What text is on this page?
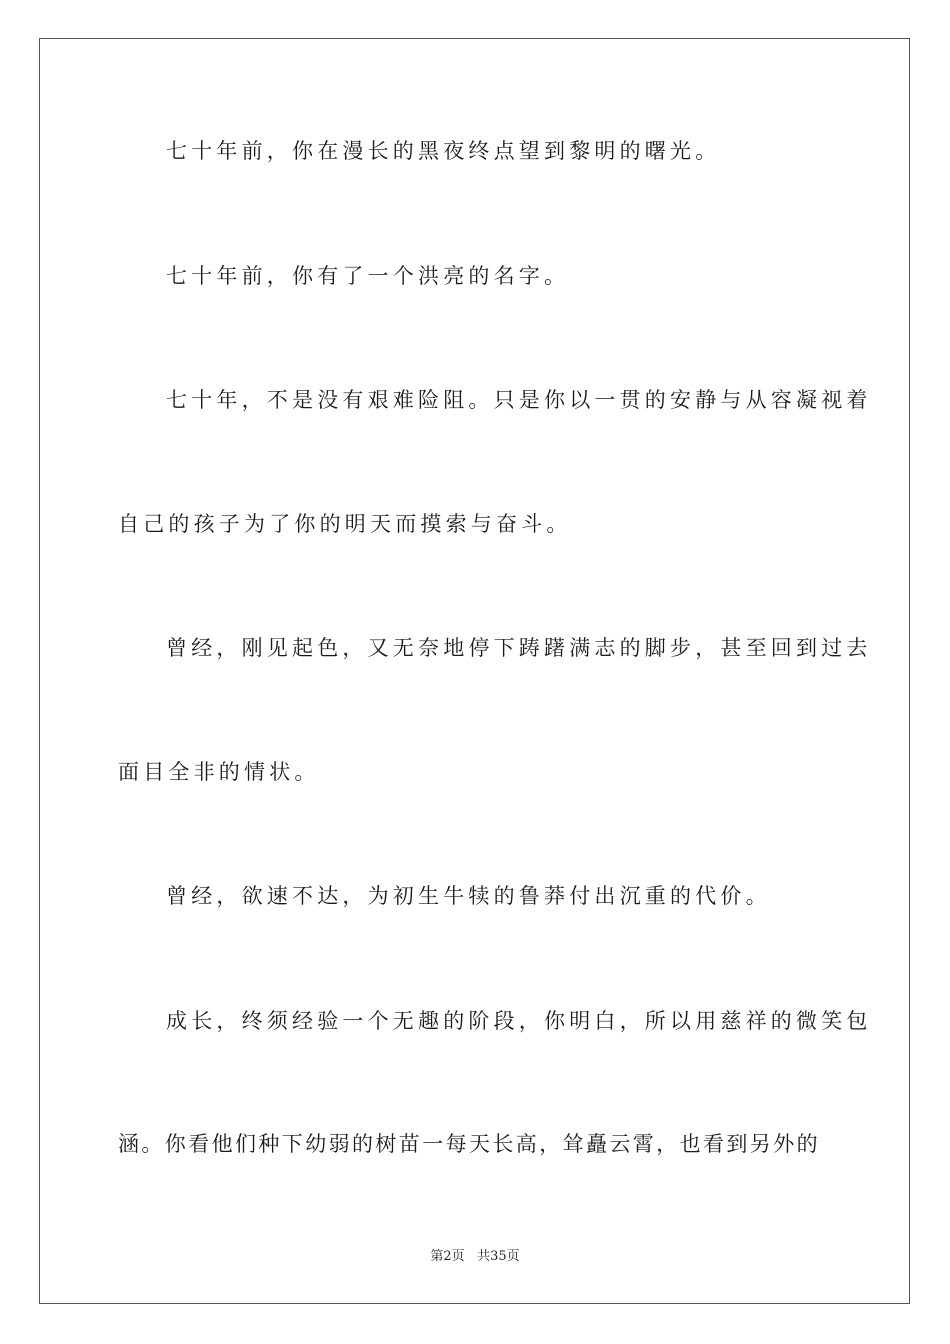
七十年前，你在漫长的黑夜终点望到黎明的曙光。
七十年前，你有了一个洪亮的名字。
七十年，不是没有艰难险阻。只是你以一贯的安静与从容凝视着
自己的孩子为了你的明天而摸索与奋斗。
曾经，刚见起色，又无奈地停下踌躇满志的脚步，甚至回到过去
面目全非的情状。
曾经，欲速不达，为初生牛犊的鲁莽付出沉重的代价。
成长，终须经验一个无趣的阶段，你明白，所以用慈祥的微笑包
涵。你看他们种下幼弱的树苗一每天长高，耸矗云霄，也看到另外的
第2页 共35页
